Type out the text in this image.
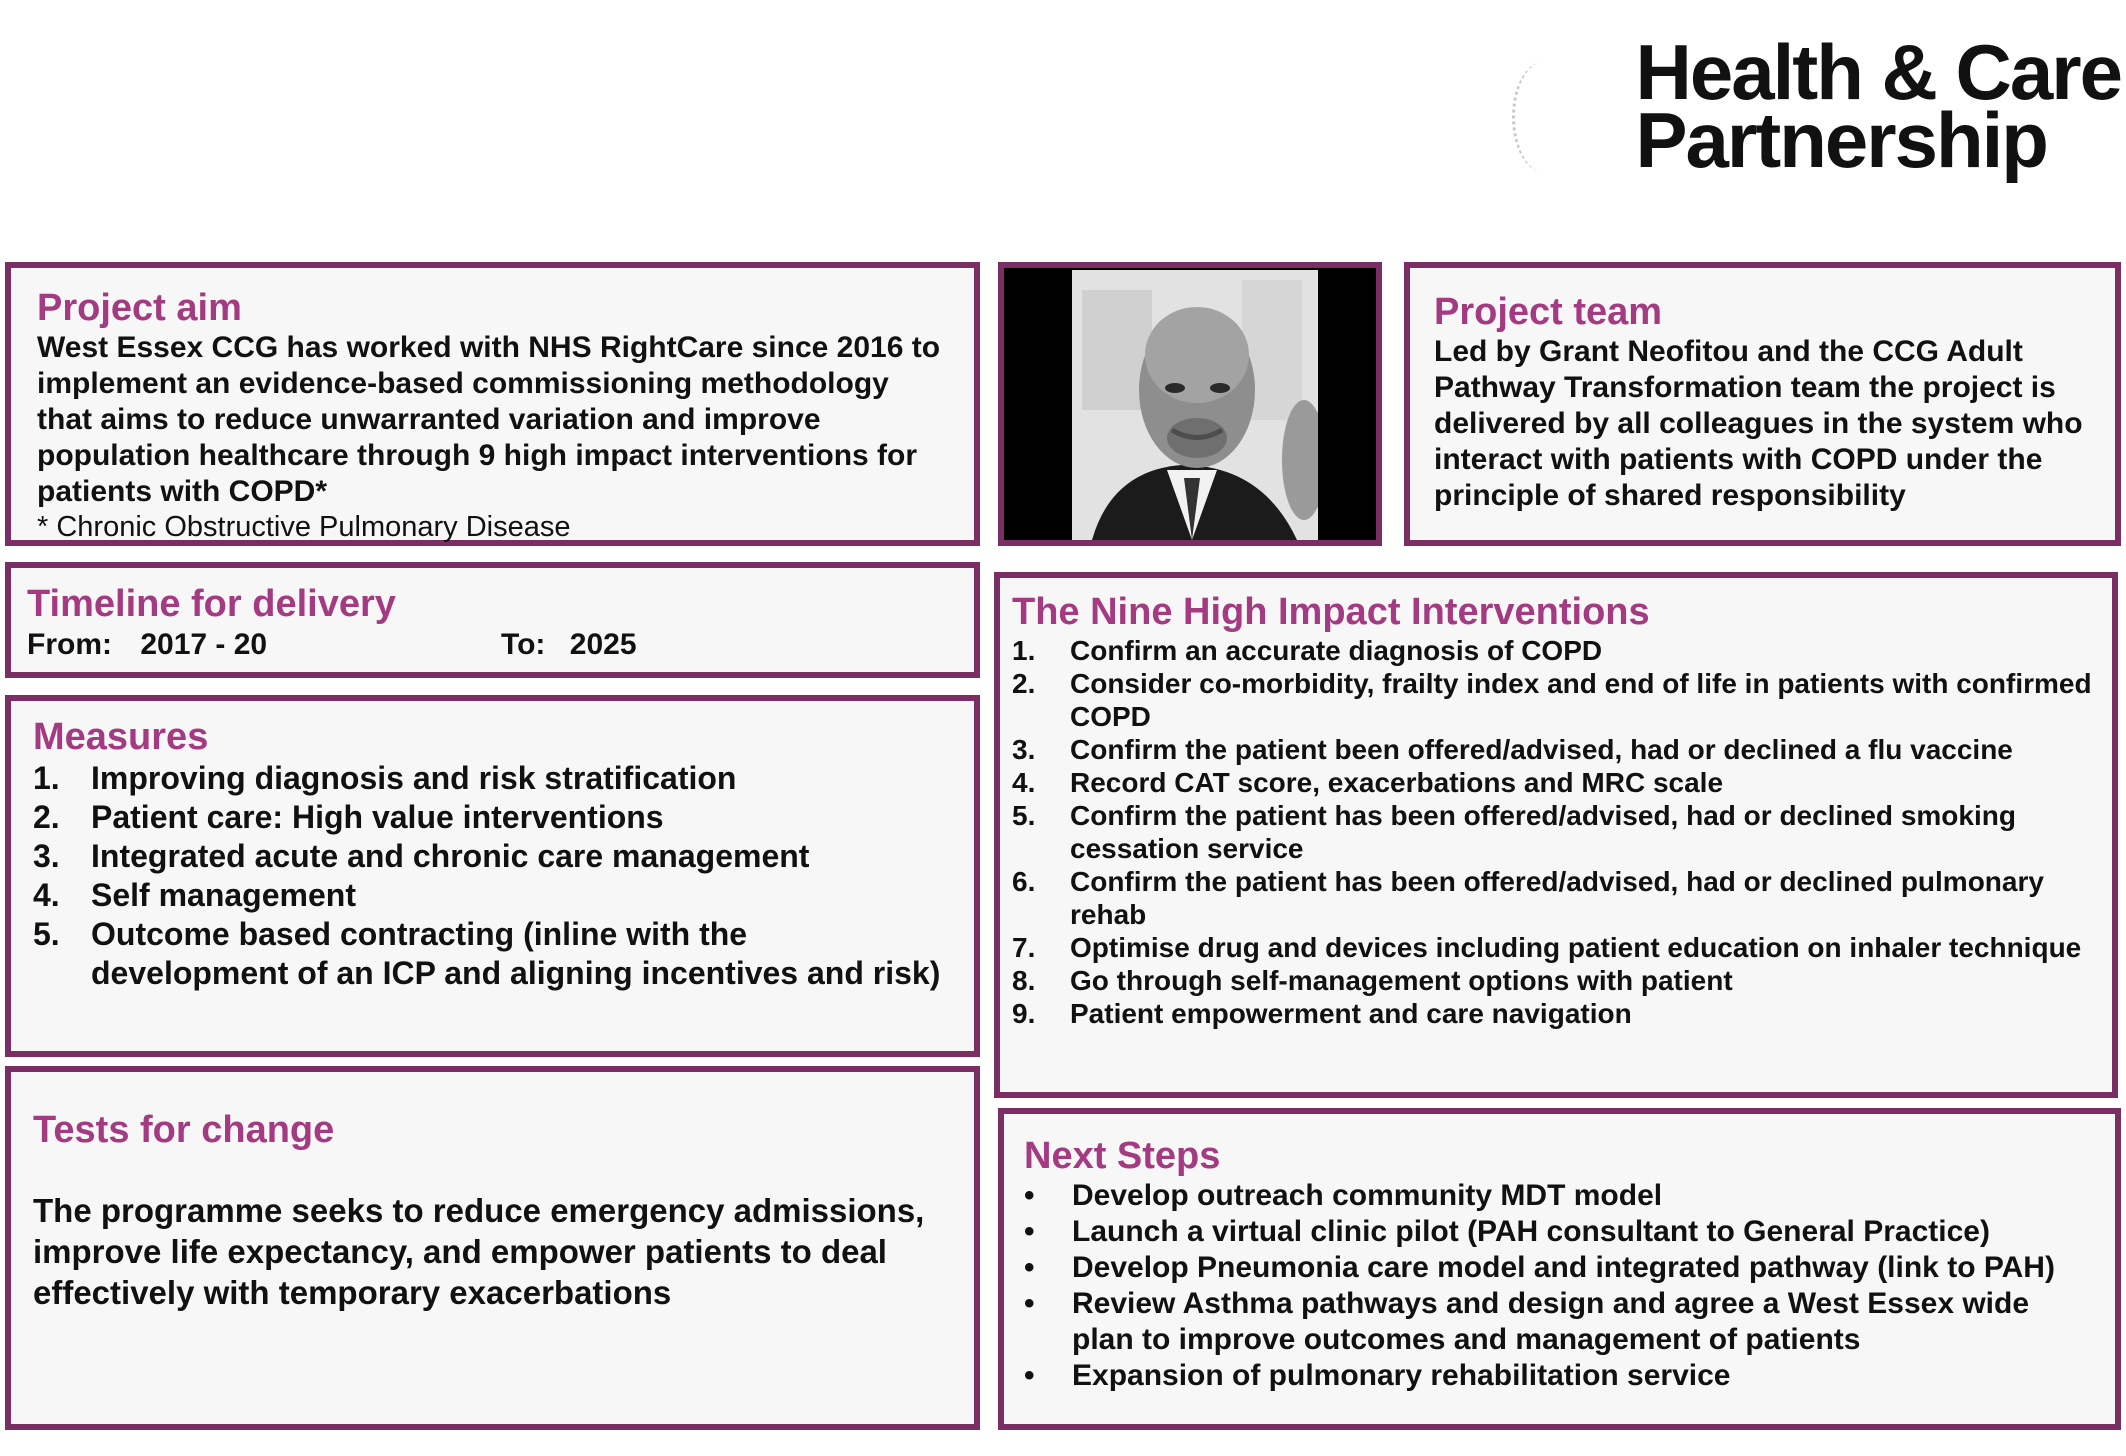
Health & Care
Partnership
Project aim
West Essex CCG has worked with NHS RightCare since 2016 to implement an evidence-based commissioning methodology that aims to reduce unwarranted variation and improve population healthcare through 9 high impact interventions for patients with COPD*
* Chronic Obstructive Pulmonary Disease
Project team
Led by Grant Neofitou and the CCG Adult Pathway Transformation team the project is delivered by all colleagues in the system who interact with patients with COPD under the principle of shared responsibility
Timeline for delivery
From: 2017 - 20	To: 2025
Measures
1. Improving diagnosis and risk stratification
2. Patient care: High value interventions
3. Integrated acute and chronic care management
4. Self management
5. Outcome based contracting (inline with the development of an ICP and aligning incentives and risk)
The Nine High Impact Interventions
1.	Confirm an accurate diagnosis of COPD
2.	Consider co-morbidity, frailty index and end of life in patients with confirmed COPD
3.	Confirm the patient been offered/advised, had or declined a flu vaccine
4.	Record CAT score, exacerbations and MRC scale
5.	Confirm the patient has been offered/advised, had or declined smoking cessation service
6.	Confirm the patient has been offered/advised, had or declined pulmonary rehab
7.	Optimise drug and devices including patient education on inhaler technique
8.	Go through self-management options with patient
9.	Patient empowerment and care navigation
Tests for change
The programme seeks to reduce emergency admissions, improve life expectancy, and empower patients to deal effectively with temporary exacerbations
Next Steps
•	Develop outreach community MDT model
•	Launch a virtual clinic pilot (PAH consultant to General Practice)
•	Develop Pneumonia care model and integrated pathway (link to PAH)
•	Review Asthma pathways and design and agree a West Essex wide plan to improve outcomes and management of patients
•	Expansion of pulmonary rehabilitation service
